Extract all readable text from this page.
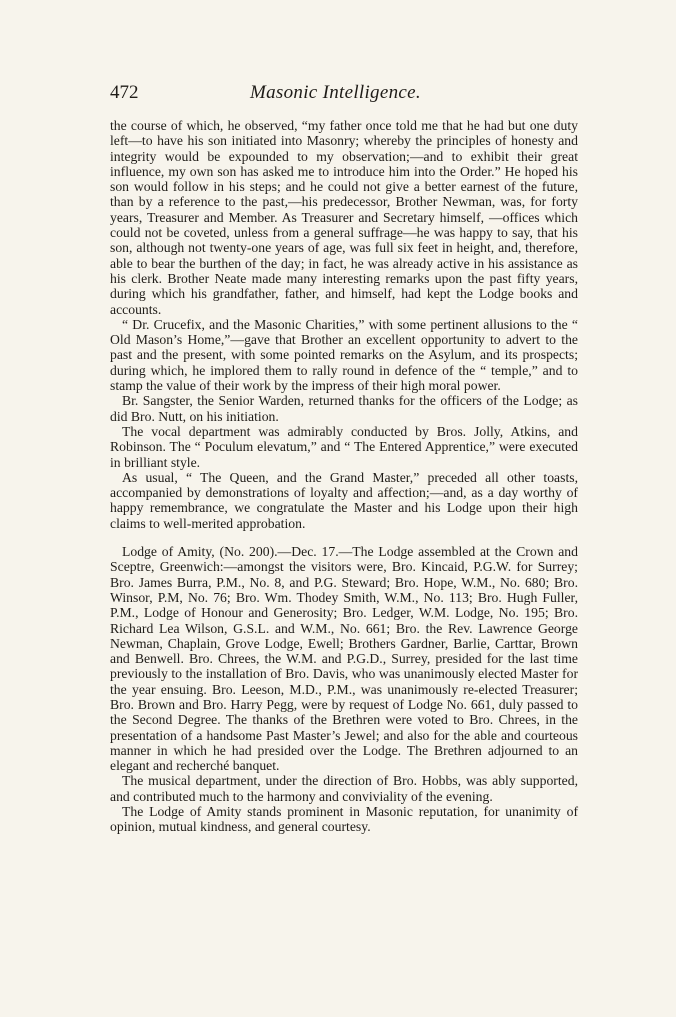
472	Masonic Intelligence.

the course of which, he observed, “my father once told me that he had but one duty left—to have his son initiated into Masonry; whereby the principles of honesty and integrity would be expounded to my observation;—and to exhibit their great influence, my own son has asked me to introduce him into the Order.” He hoped his son would follow in his steps; and he could not give a better earnest of the future, than by a reference to the past,—his predecessor, Brother Newman, was, for forty years, Treasurer and Member. As Treasurer and Secretary himself, —offices which could not be coveted, unless from a general suffrage—he was happy to say, that his son, although not twenty-one years of age, was full six feet in height, and, therefore, able to bear the burthen of the day; in fact, he was already active in his assistance as his clerk. Brother Neate made many interesting remarks upon the past fifty years, during which his grandfather, father, and himself, had kept the Lodge books and accounts.

“ Dr. Crucefix, and the Masonic Charities,” with some pertinent allusions to the “ Old Mason’s Home,”—gave that Brother an excellent opportunity to advert to the past and the present, with some pointed remarks on the Asylum, and its prospects; during which, he implored them to rally round in defence of the “ temple,” and to stamp the value of their work by the impress of their high moral power.

Br. Sangster, the Senior Warden, returned thanks for the officers of the Lodge; as did Bro. Nutt, on his initiation.

The vocal department was admirably conducted by Bros. Jolly, Atkins, and Robinson. The “ Poculum elevatum,” and “ The Entered Apprentice,” were executed in brilliant style.

As usual, “ The Queen, and the Grand Master,” preceded all other toasts, accompanied by demonstrations of loyalty and affection;—and, as a day worthy of happy remembrance, we congratulate the Master and his Lodge upon their high claims to well-merited approbation.

Lodge of Amity, (No. 200).—Dec. 17.—The Lodge assembled at the Crown and Sceptre, Greenwich:—amongst the visitors were, Bro. Kincaid, P.G.W. for Surrey; Bro. James Burra, P.M., No. 8, and P.G. Steward; Bro. Hope, W.M., No. 680; Bro. Winsor, P.M, No. 76; Bro. Wm. Thodey Smith, W.M., No. 113; Bro. Hugh Fuller, P.M., Lodge of Honour and Generosity; Bro. Ledger, W.M. Lodge, No. 195; Bro. Richard Lea Wilson, G.S.L. and W.M., No. 661; Bro. the Rev. Lawrence George Newman, Chaplain, Grove Lodge, Ewell; Brothers Gardner, Barlie, Carttar, Brown and Benwell. Bro. Chrees, the W.M. and P.G.D., Surrey, presided for the last time previously to the installation of Bro. Davis, who was unanimously elected Master for the year ensuing. Bro. Leeson, M.D., P.M., was unanimously re-elected Treasurer; Bro. Brown and Bro. Harry Pegg, were by request of Lodge No. 661, duly passed to the Second Degree. The thanks of the Brethren were voted to Bro. Chrees, in the presentation of a handsome Past Master’s Jewel; and also for the able and courteous manner in which he had presided over the Lodge. The Brethren adjourned to an elegant and recherché banquet.

The musical department, under the direction of Bro. Hobbs, was ably supported, and contributed much to the harmony and conviviality of the evening.

The Lodge of Amity stands prominent in Masonic reputation, for unanimity of opinion, mutual kindness, and general courtesy.
